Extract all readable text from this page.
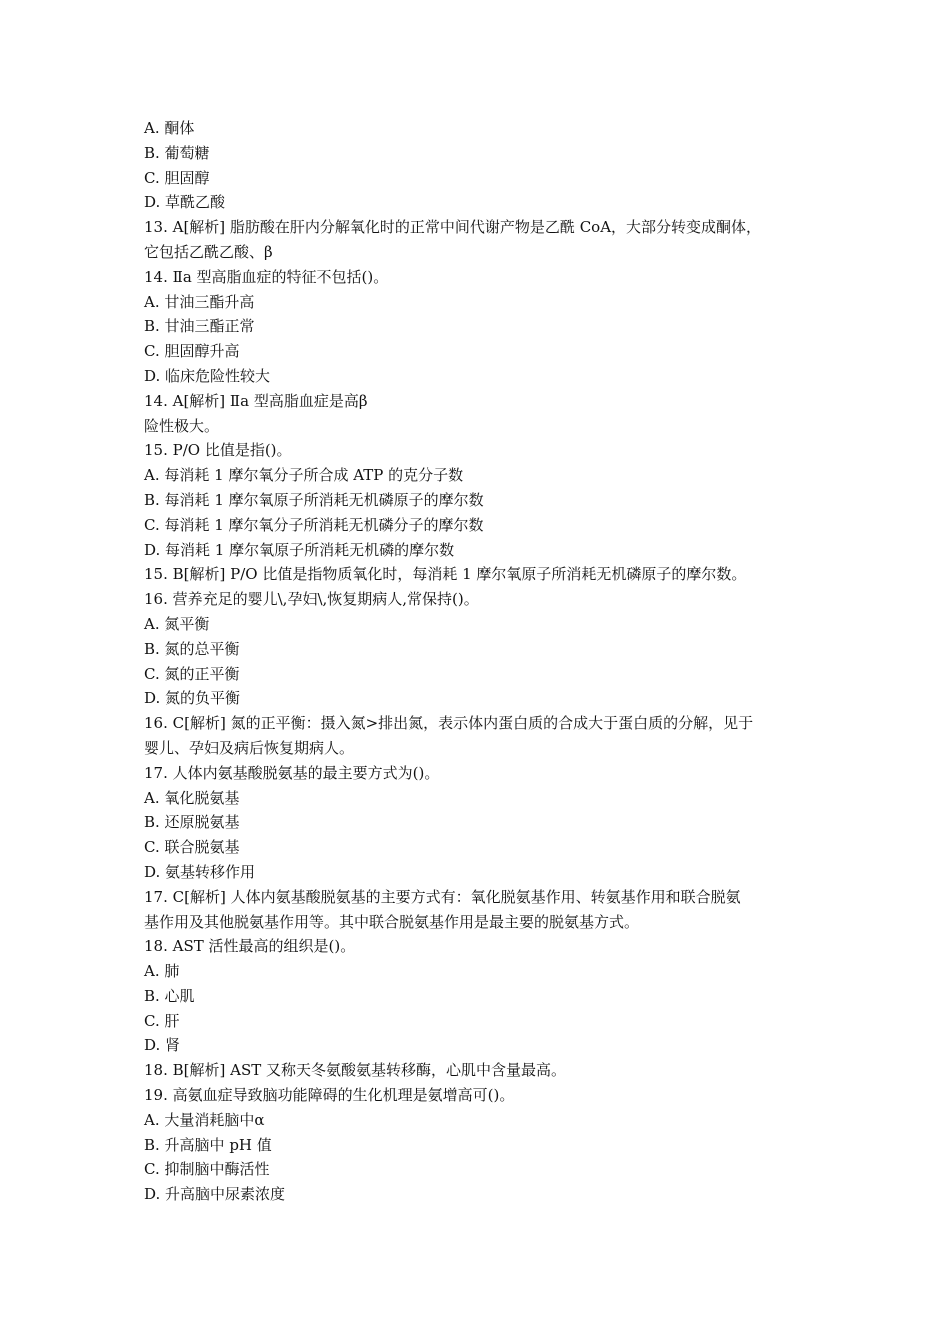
A. 酮体
B. 葡萄糖
C. 胆固醇
D. 草酰乙酸
13. A[解析] 脂肪酸在肝内分解氧化时的正常中间代谢产物是乙酰 CoA，大部分转变成酮体，
它包括乙酰乙酸、β
14. Ⅱa 型高脂血症的特征不包括()。
A. 甘油三酯升高
B. 甘油三酯正常
C. 胆固醇升高
D. 临床危险性较大
14. A[解析] Ⅱa 型高脂血症是高β
险性极大。
15. P/O 比值是指()。
A. 每消耗 1 摩尔氧分子所合成 ATP 的克分子数
B. 每消耗 1 摩尔氧原子所消耗无机磷原子的摩尔数
C. 每消耗 1 摩尔氧分子所消耗无机磷分子的摩尔数
D. 每消耗 1 摩尔氧原子所消耗无机磷的摩尔数
15. B[解析] P/O 比值是指物质氧化时，每消耗 1 摩尔氧原子所消耗无机磷原子的摩尔数。
16. 营养充足的婴儿\,孕妇\,恢复期病人,常保持()。
A. 氮平衡
B. 氮的总平衡
C. 氮的正平衡
D. 氮的负平衡
16. C[解析] 氮的正平衡：摄入氮>排出氮，表示体内蛋白质的合成大于蛋白质的分解，见于
婴儿、孕妇及病后恢复期病人。
17. 人体内氨基酸脱氨基的最主要方式为()。
A. 氧化脱氨基
B. 还原脱氨基
C. 联合脱氨基
D. 氨基转移作用
17. C[解析] 人体内氨基酸脱氨基的主要方式有：氧化脱氨基作用、转氨基作用和联合脱氨
基作用及其他脱氨基作用等。其中联合脱氨基作用是最主要的脱氨基方式。
18. AST 活性最高的组织是()。
A. 肺
B. 心肌
C. 肝
D. 肾
18. B[解析] AST 又称天冬氨酸氨基转移酶，心肌中含量最高。
19. 高氨血症导致脑功能障碍的生化机理是氨增高可()。
A. 大量消耗脑中α
B. 升高脑中 pH 值
C. 抑制脑中酶活性
D. 升高脑中尿素浓度
